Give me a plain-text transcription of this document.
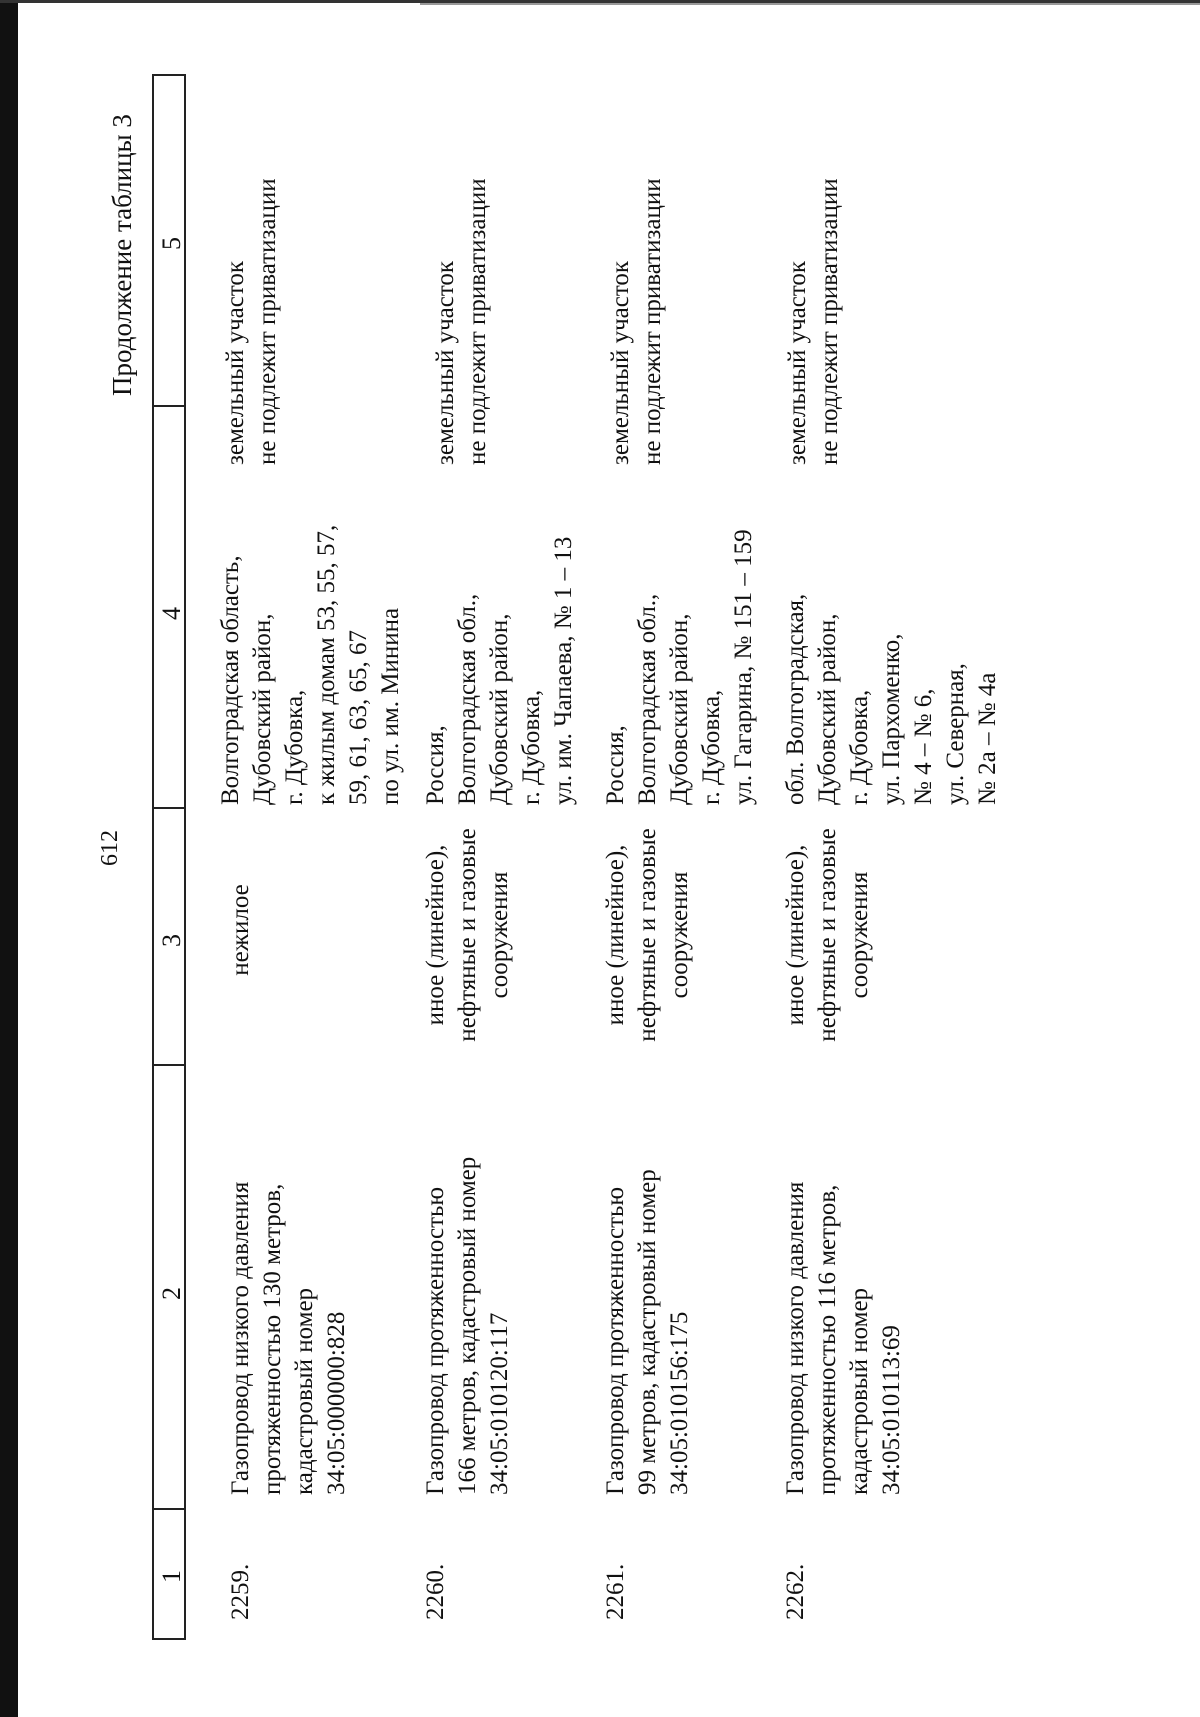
612
Продолжение таблицы 3
1
2
3
4
5
2259.
Газопровод низкого давления
протяженностью 130 метров,
кадастровый номер
34:05:000000:828
нежилое
Волгоградская область,
Дубовский район,
г. Дубовка,
к жилым домам 53, 55, 57,
59, 61, 63, 65, 67
по ул. им. Минина
земельный участок
не подлежит приватизации
2260.
Газопровод протяженностью
166 метров, кадастровый номер
34:05:010120:117
иное (линейное),
нефтяные и газовые
сооружения
Россия,
Волгоградская обл.,
Дубовский район,
г. Дубовка,
ул. им. Чапаева, № 1 – 13
земельный участок
не подлежит приватизации
2261.
Газопровод протяженностью
99 метров, кадастровый номер
34:05:010156:175
иное (линейное),
нефтяные и газовые
сооружения
Россия,
Волгоградская обл.,
Дубовский район,
г. Дубовка,
ул. Гагарина, № 151 – 159
земельный участок
не подлежит приватизации
2262.
Газопровод низкого давления
протяженностью 116 метров,
кадастровый номер
34:05:010113:69
иное (линейное),
нефтяные и газовые
сооружения
обл. Волгоградская,
Дубовский район,
г. Дубовка,
ул. Пархоменко,
№ 4 – № 6,
ул. Северная,
№ 2а – № 4а
земельный участок
не подлежит приватизации
